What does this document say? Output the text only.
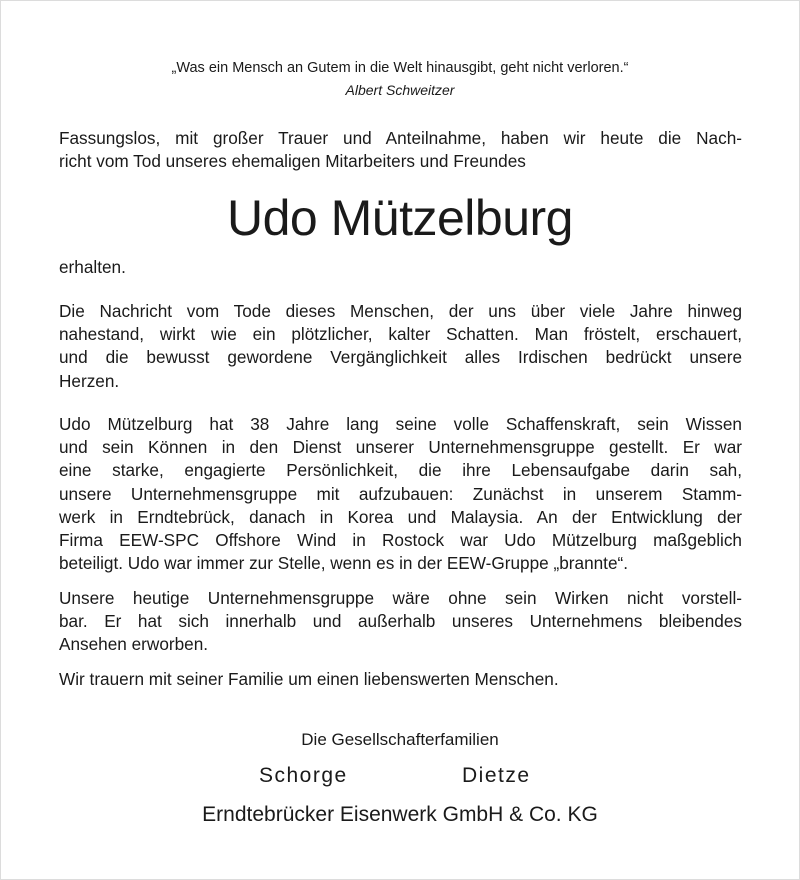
„Was ein Mensch an Gutem in die Welt hinausgibt, geht nicht verloren.“
Albert Schweitzer
Fassungslos, mit großer Trauer und Anteilnahme, haben wir heute die Nach-
richt vom Tod unseres ehemaligen Mitarbeiters und Freundes
Udo Mützelburg
erhalten.
Die Nachricht vom Tode dieses Menschen, der uns über viele Jahre hinweg
nahestand, wirkt wie ein plötzlicher, kalter Schatten. Man fröstelt, erschauert,
und die bewusst gewordene Vergänglichkeit alles Irdischen bedrückt unsere
Herzen.
Udo Mützelburg hat 38 Jahre lang seine volle Schaffenskraft, sein Wissen
und sein Können in den Dienst unserer Unternehmensgruppe gestellt. Er war
eine starke, engagierte Persönlichkeit, die ihre Lebensaufgabe darin sah,
unsere Unternehmensgruppe mit aufzubauen: Zunächst in unserem Stamm-
werk in Erndtebrück, danach in Korea und Malaysia. An der Entwicklung der
Firma EEW-SPC Offshore Wind in Rostock war Udo Mützelburg maßgeblich
beteiligt. Udo war immer zur Stelle, wenn es in der EEW-Gruppe „brannte“.
Unsere heutige Unternehmensgruppe wäre ohne sein Wirken nicht vorstell-
bar. Er hat sich innerhalb und außerhalb unseres Unternehmens bleibendes
Ansehen erworben.
Wir trauern mit seiner Familie um einen liebenswerten Menschen.
Die Gesellschafterfamilien
Schorge	Dietze
Erndtebrücker Eisenwerk GmbH & Co. KG
